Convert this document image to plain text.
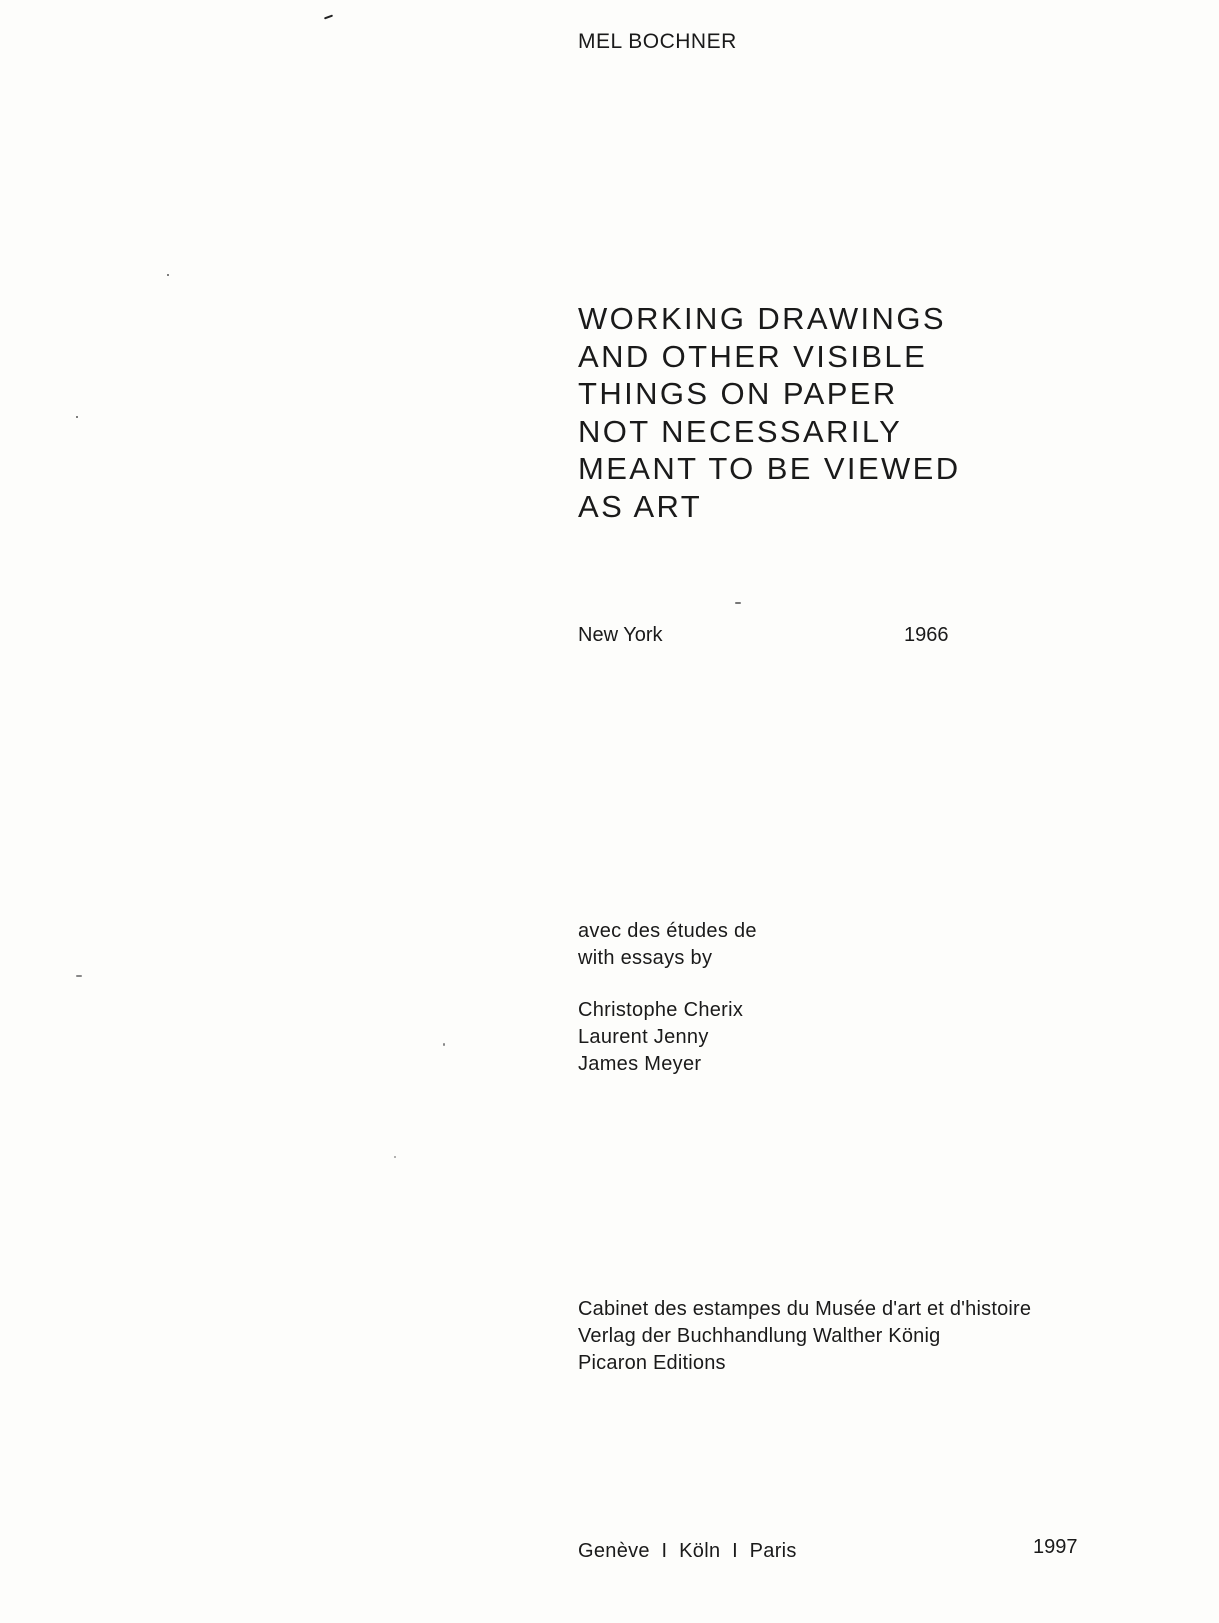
MEL BOCHNER
WORKING DRAWINGS
AND OTHER VISIBLE
THINGS ON PAPER
NOT NECESSARILY
MEANT TO BE VIEWED
AS ART
New York	1966
avec des études de
with essays by
Christophe Cherix
Laurent Jenny
James Meyer
Cabinet des estampes du Musée d'art et d'histoire
Verlag der Buchhandlung Walther König
Picaron Editions
Genève  I  Köln  I  Paris	1997
